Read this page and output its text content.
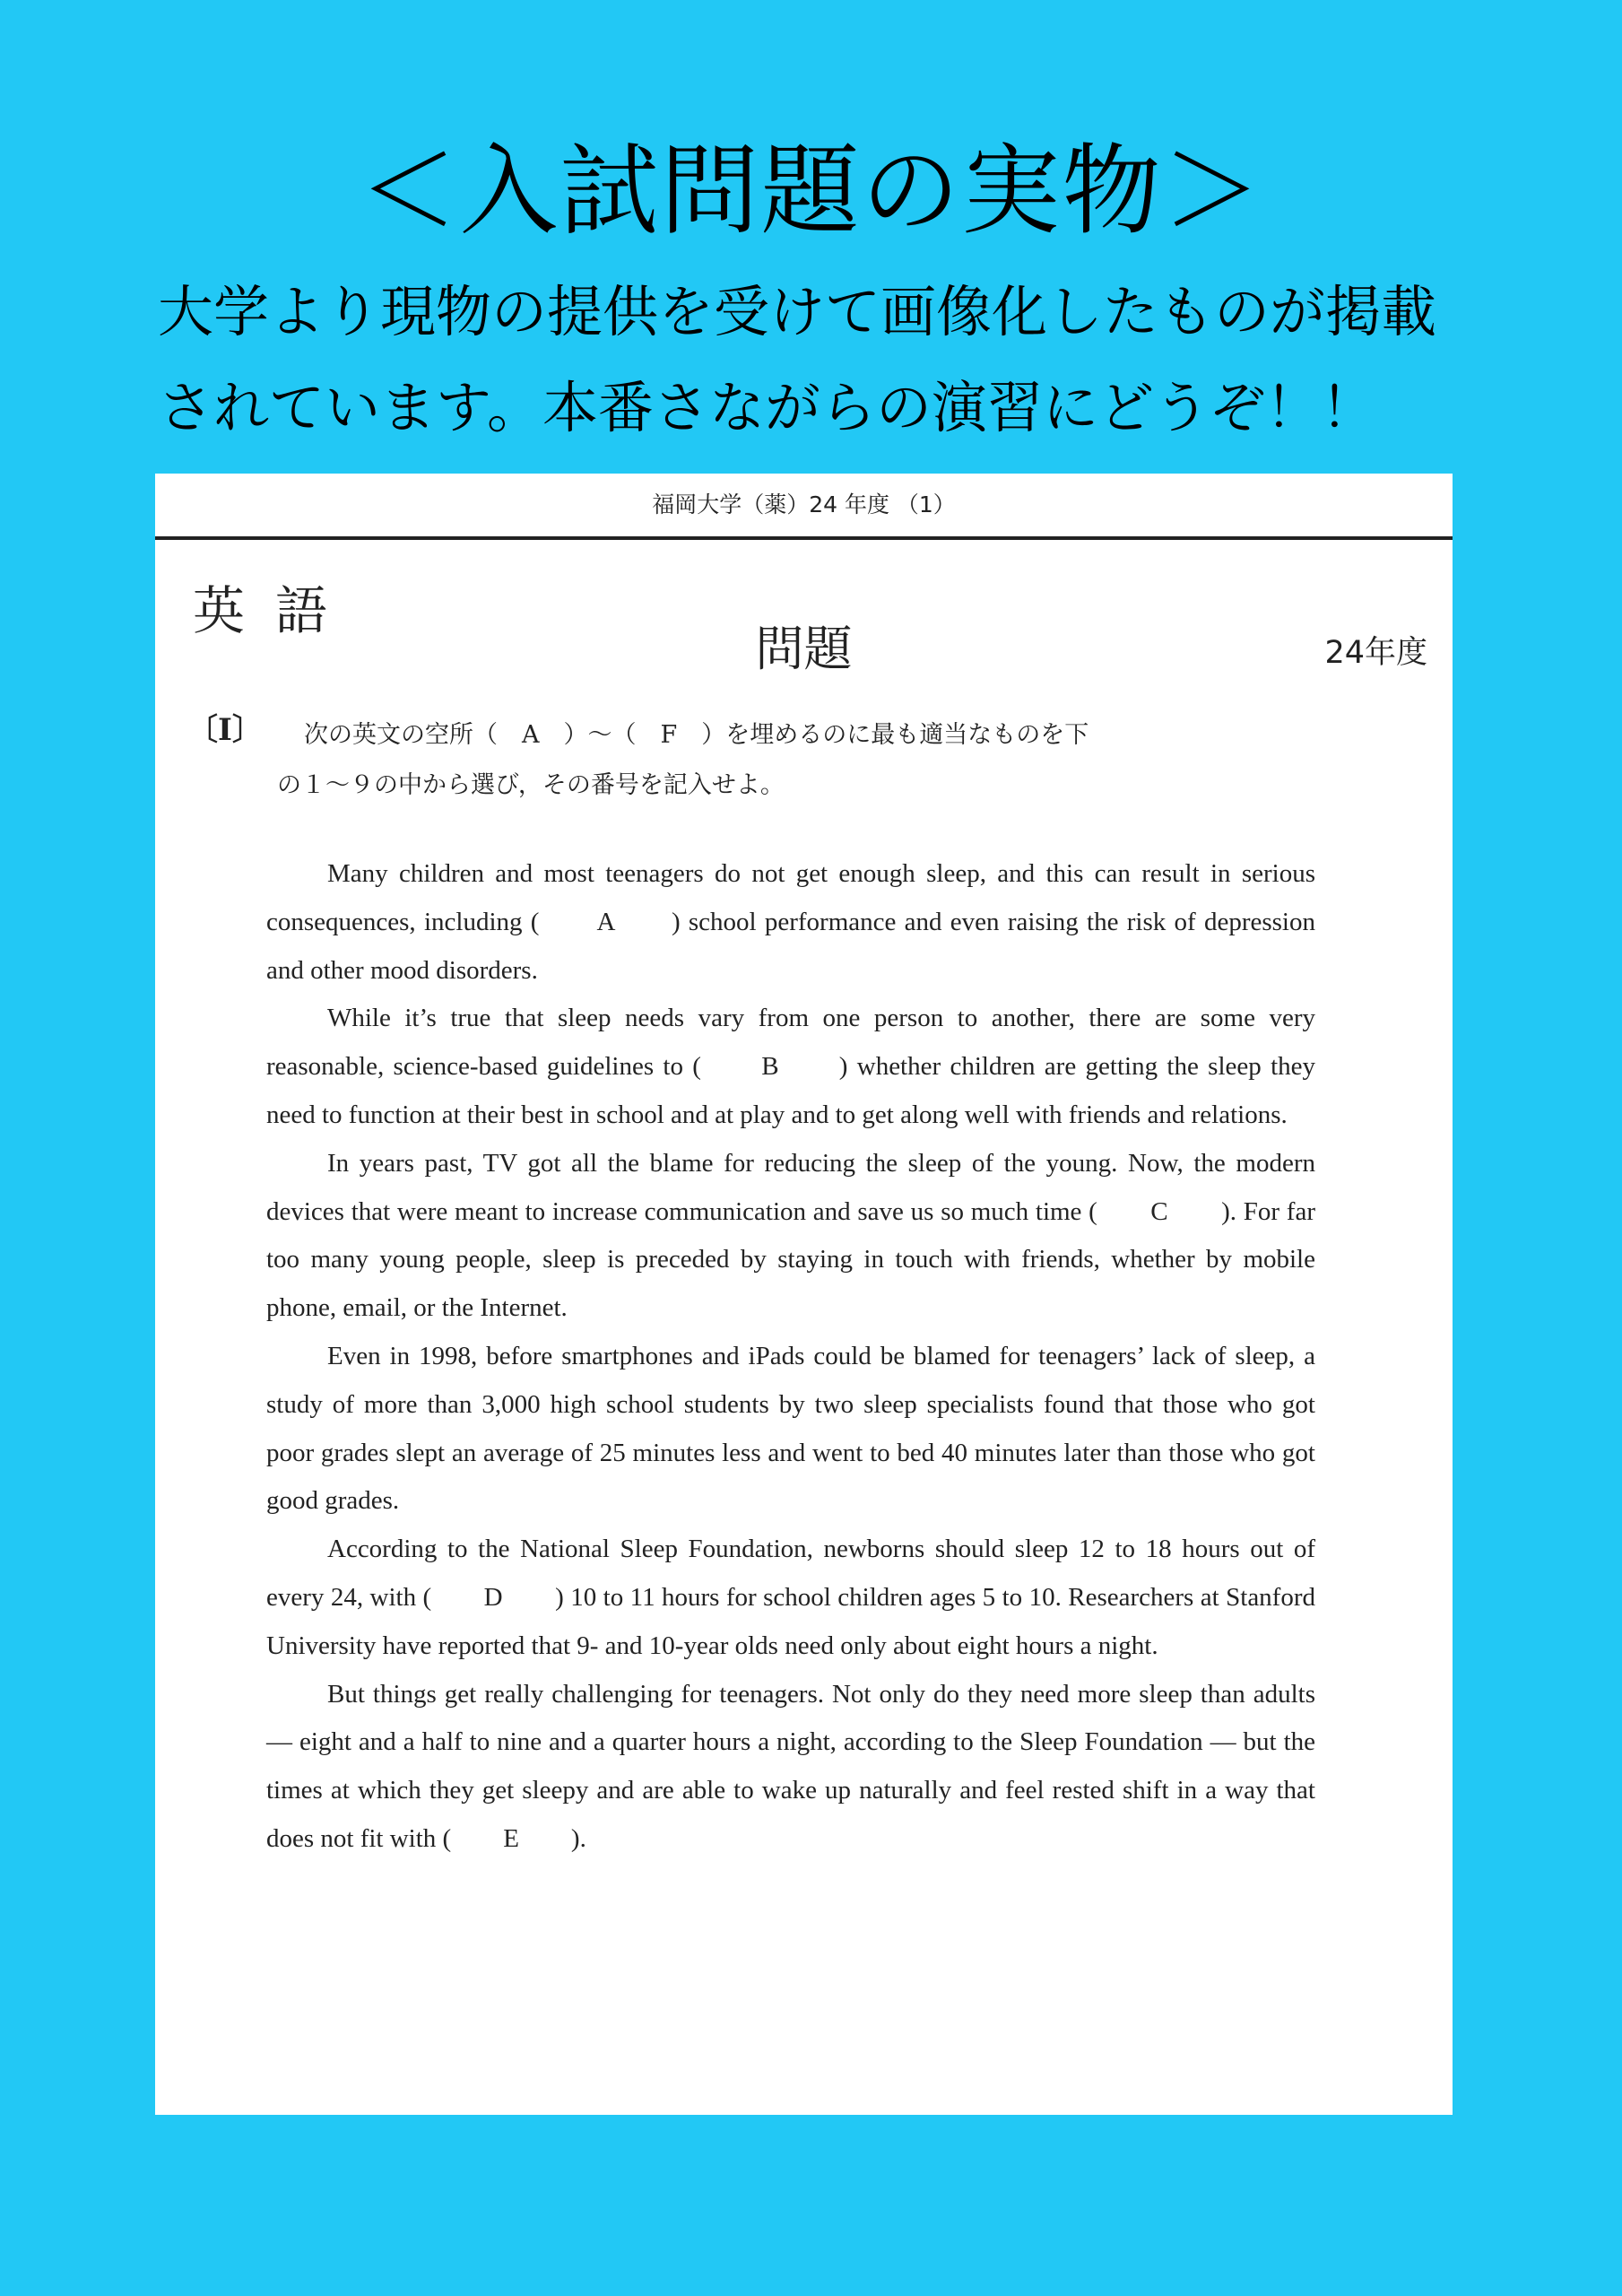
＜入試問題の実物＞
大学より現物の提供を受けて画像化したものが掲載
されています。本番さながらの演習にどうぞ！！
福岡大学（薬）24 年度 （1）
英語
問題	24年度
〔Ⅰ〕 次の英文の空所（　A　）〜（　F　）を埋めるのに最も適当なものを下
の１〜９の中から選び，その番号を記入せよ。

Many children and most teenagers do not get enough sleep, and this can result in serious consequences, including (　　A　　) school performance and even raising the risk of depression and other mood disorders.

While it’s true that sleep needs vary from one person to another, there are some very reasonable, science-based guidelines to (　　B　　) whether children are getting the sleep they need to function at their best in school and at play and to get along well with friends and relations.

In years past, TV got all the blame for reducing the sleep of the young. Now, the modern devices that were meant to increase communication and save us so much time (　　C　　). For far too many young people, sleep is preceded by staying in touch with friends, whether by mobile phone, email, or the Internet.

Even in 1998, before smartphones and iPads could be blamed for teenagers’ lack of sleep, a study of more than 3,000 high school students by two sleep specialists found that those who got poor grades slept an average of 25 minutes less and went to bed 40 minutes later than those who got good grades.

According to the National Sleep Foundation, newborns should sleep 12 to 18 hours out of every 24, with (　　D　　) 10 to 11 hours for school children ages 5 to 10. Researchers at Stanford University have reported that 9- and 10-year olds need only about eight hours a night.

But things get really challenging for teenagers. Not only do they need more sleep than adults — eight and a half to nine and a quarter hours a night, according to the Sleep Foundation — but the times at which they get sleepy and are able to wake up naturally and feel rested shift in a way that does not fit with (　　E　　).
